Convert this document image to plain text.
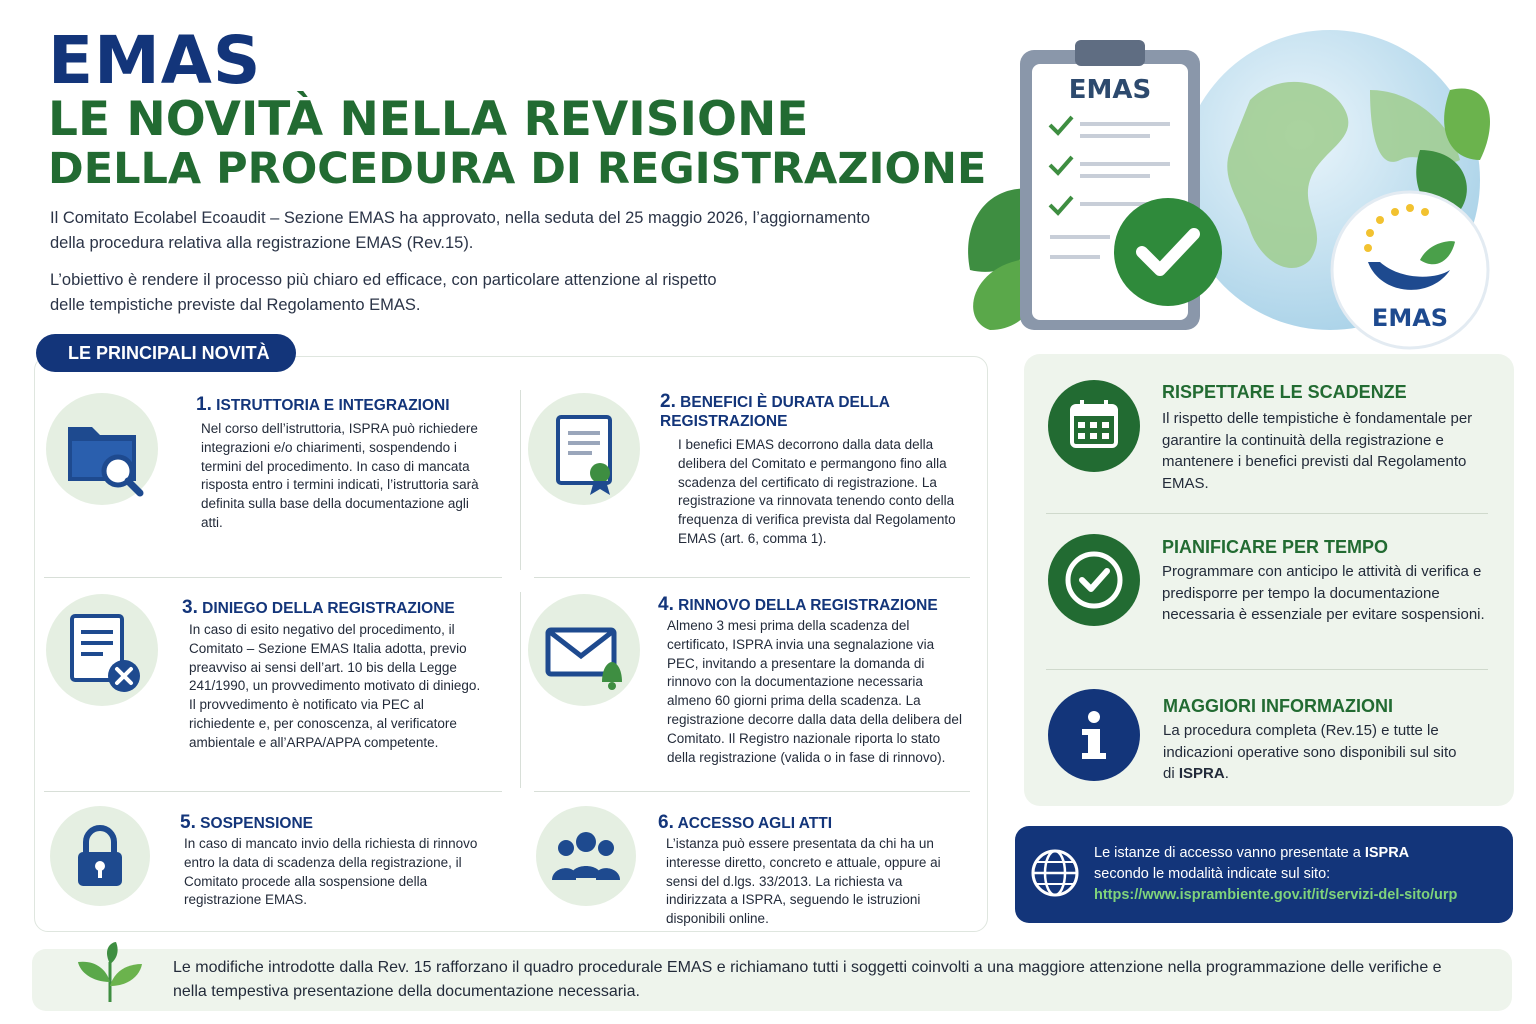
EMAS
LE NOVITÀ NELLA REVISIONE
DELLA PROCEDURA DI REGISTRAZIONE

Il Comitato Ecolabel Ecoaudit – Sezione EMAS ha approvato, nella seduta del 25 maggio 2026, l’aggiornamento della procedura relativa alla registrazione EMAS (Rev.15).

L’obiettivo è rendere il processo più chiaro ed efficace, con particolare attenzione al rispetto delle tempistiche previste dal Regolamento EMAS.

EMAS
EMAS
LE PRINCIPALI NOVITÀ
1. ISTRUTTORIA E INTEGRAZIONI

Nel corso dell’istruttoria, ISPRA può richiedere integrazioni e/o chiarimenti, sospendendo i termini del procedimento. In caso di mancata risposta entro i termini indicati, l’istruttoria sarà definita sulla base della documentazione agli atti.

2. BENEFICI È DURATA DELLA REGISTRAZIONE

I benefici EMAS decorrono dalla data della delibera del Comitato e permangono fino alla scadenza del certificato di registrazione. La registrazione va rinnovata tenendo conto della frequenza di verifica prevista dal Regolamento EMAS (art. 6, comma 1).

3. DINIEGO DELLA REGISTRAZIONE

In caso di esito negativo del procedimento, il Comitato – Sezione EMAS Italia adotta, previo preavviso ai sensi dell’art. 10 bis della Legge 241/1990, un provvedimento motivato di diniego. Il provvedimento è notificato via PEC al richiedente e, per conoscenza, al verificatore ambientale e all’ARPA/APPA competente.

4. RINNOVO DELLA REGISTRAZIONE

Almeno 3 mesi prima della scadenza del certificato, ISPRA invia una segnalazione via PEC, invitando a presentare la domanda di rinnovo con la documentazione necessaria almeno 60 giorni prima della scadenza. La registrazione decorre dalla data della delibera del Comitato. Il Registro nazionale riporta lo stato della registrazione (valida o in fase di rinnovo).

5. SOSPENSIONE

In caso di mancato invio della richiesta di rinnovo entro la data di scadenza della registrazione, il Comitato procede alla sospensione della registrazione EMAS.

6. ACCESSO AGLI ATTI

L’istanza può essere presentata da chi ha un interesse diretto, concreto e attuale, oppure ai sensi del d.lgs. 33/2013. La richiesta va indirizzata a ISPRA, seguendo le istruzioni disponibili online.

RISPETTARE LE SCADENZE

Il rispetto delle tempistiche è fondamentale per garantire la continuità della registrazione e mantenere i benefici previsti dal Regolamento EMAS.

PIANIFICARE PER TEMPO

Programmare con anticipo le attività di verifica e predisporre per tempo la documentazione necessaria è essenziale per evitare sospensioni.

MAGGIORI INFORMAZIONI

La procedura completa (Rev.15) e tutte le indicazioni operative sono disponibili sul sito di ISPRA.

Le istanze di accesso vanno presentate a ISPRA
secondo le modalità indicate sul sito:
https://www.isprambiente.gov.it/it/servizi-del-sito/urp

Le modifiche introdotte dalla Rev. 15 rafforzano il quadro procedurale EMAS e richiamano tutti i soggetti coinvolti a una maggiore attenzione nella programmazione delle verifiche e nella tempestiva presentazione della documentazione necessaria.
